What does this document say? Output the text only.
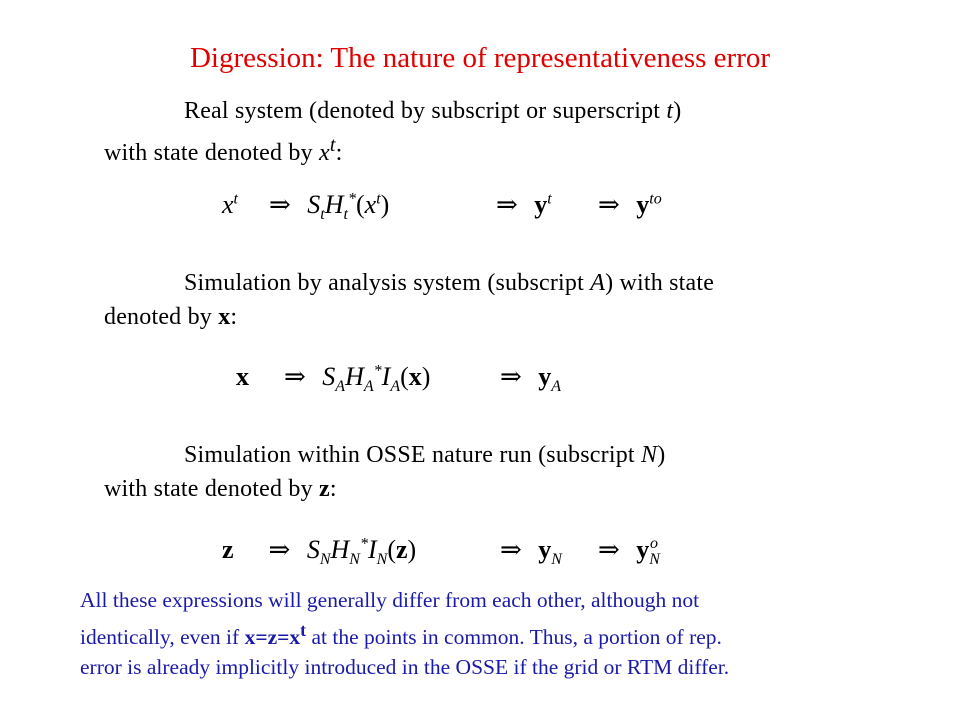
Digression: The nature of representativeness error
Real system (denoted by subscript or superscript t)
with state denoted by $x^t$:
$x^t$ ⇒ $S_tH_t^*(x^t)$	⇒ $y^t$ ⇒ $y^{to}$
Simulation by analysis system (subscript A) with state
denoted by x:
x ⇒ $S_AH_A^*I_A(x)$	⇒ $y_A$
Simulation within OSSE nature run (subscript N)
with state denoted by z:
z ⇒ $S_NH_N^*I_N(z)$	⇒ $y_N$ ⇒ $y_N^o$
All these expressions will generally differ from each other, although not
identically, even if $x=z=x^t$ at the points in common. Thus, a portion of rep.
error is already implicitly introduced in the OSSE if the grid or RTM differ.
